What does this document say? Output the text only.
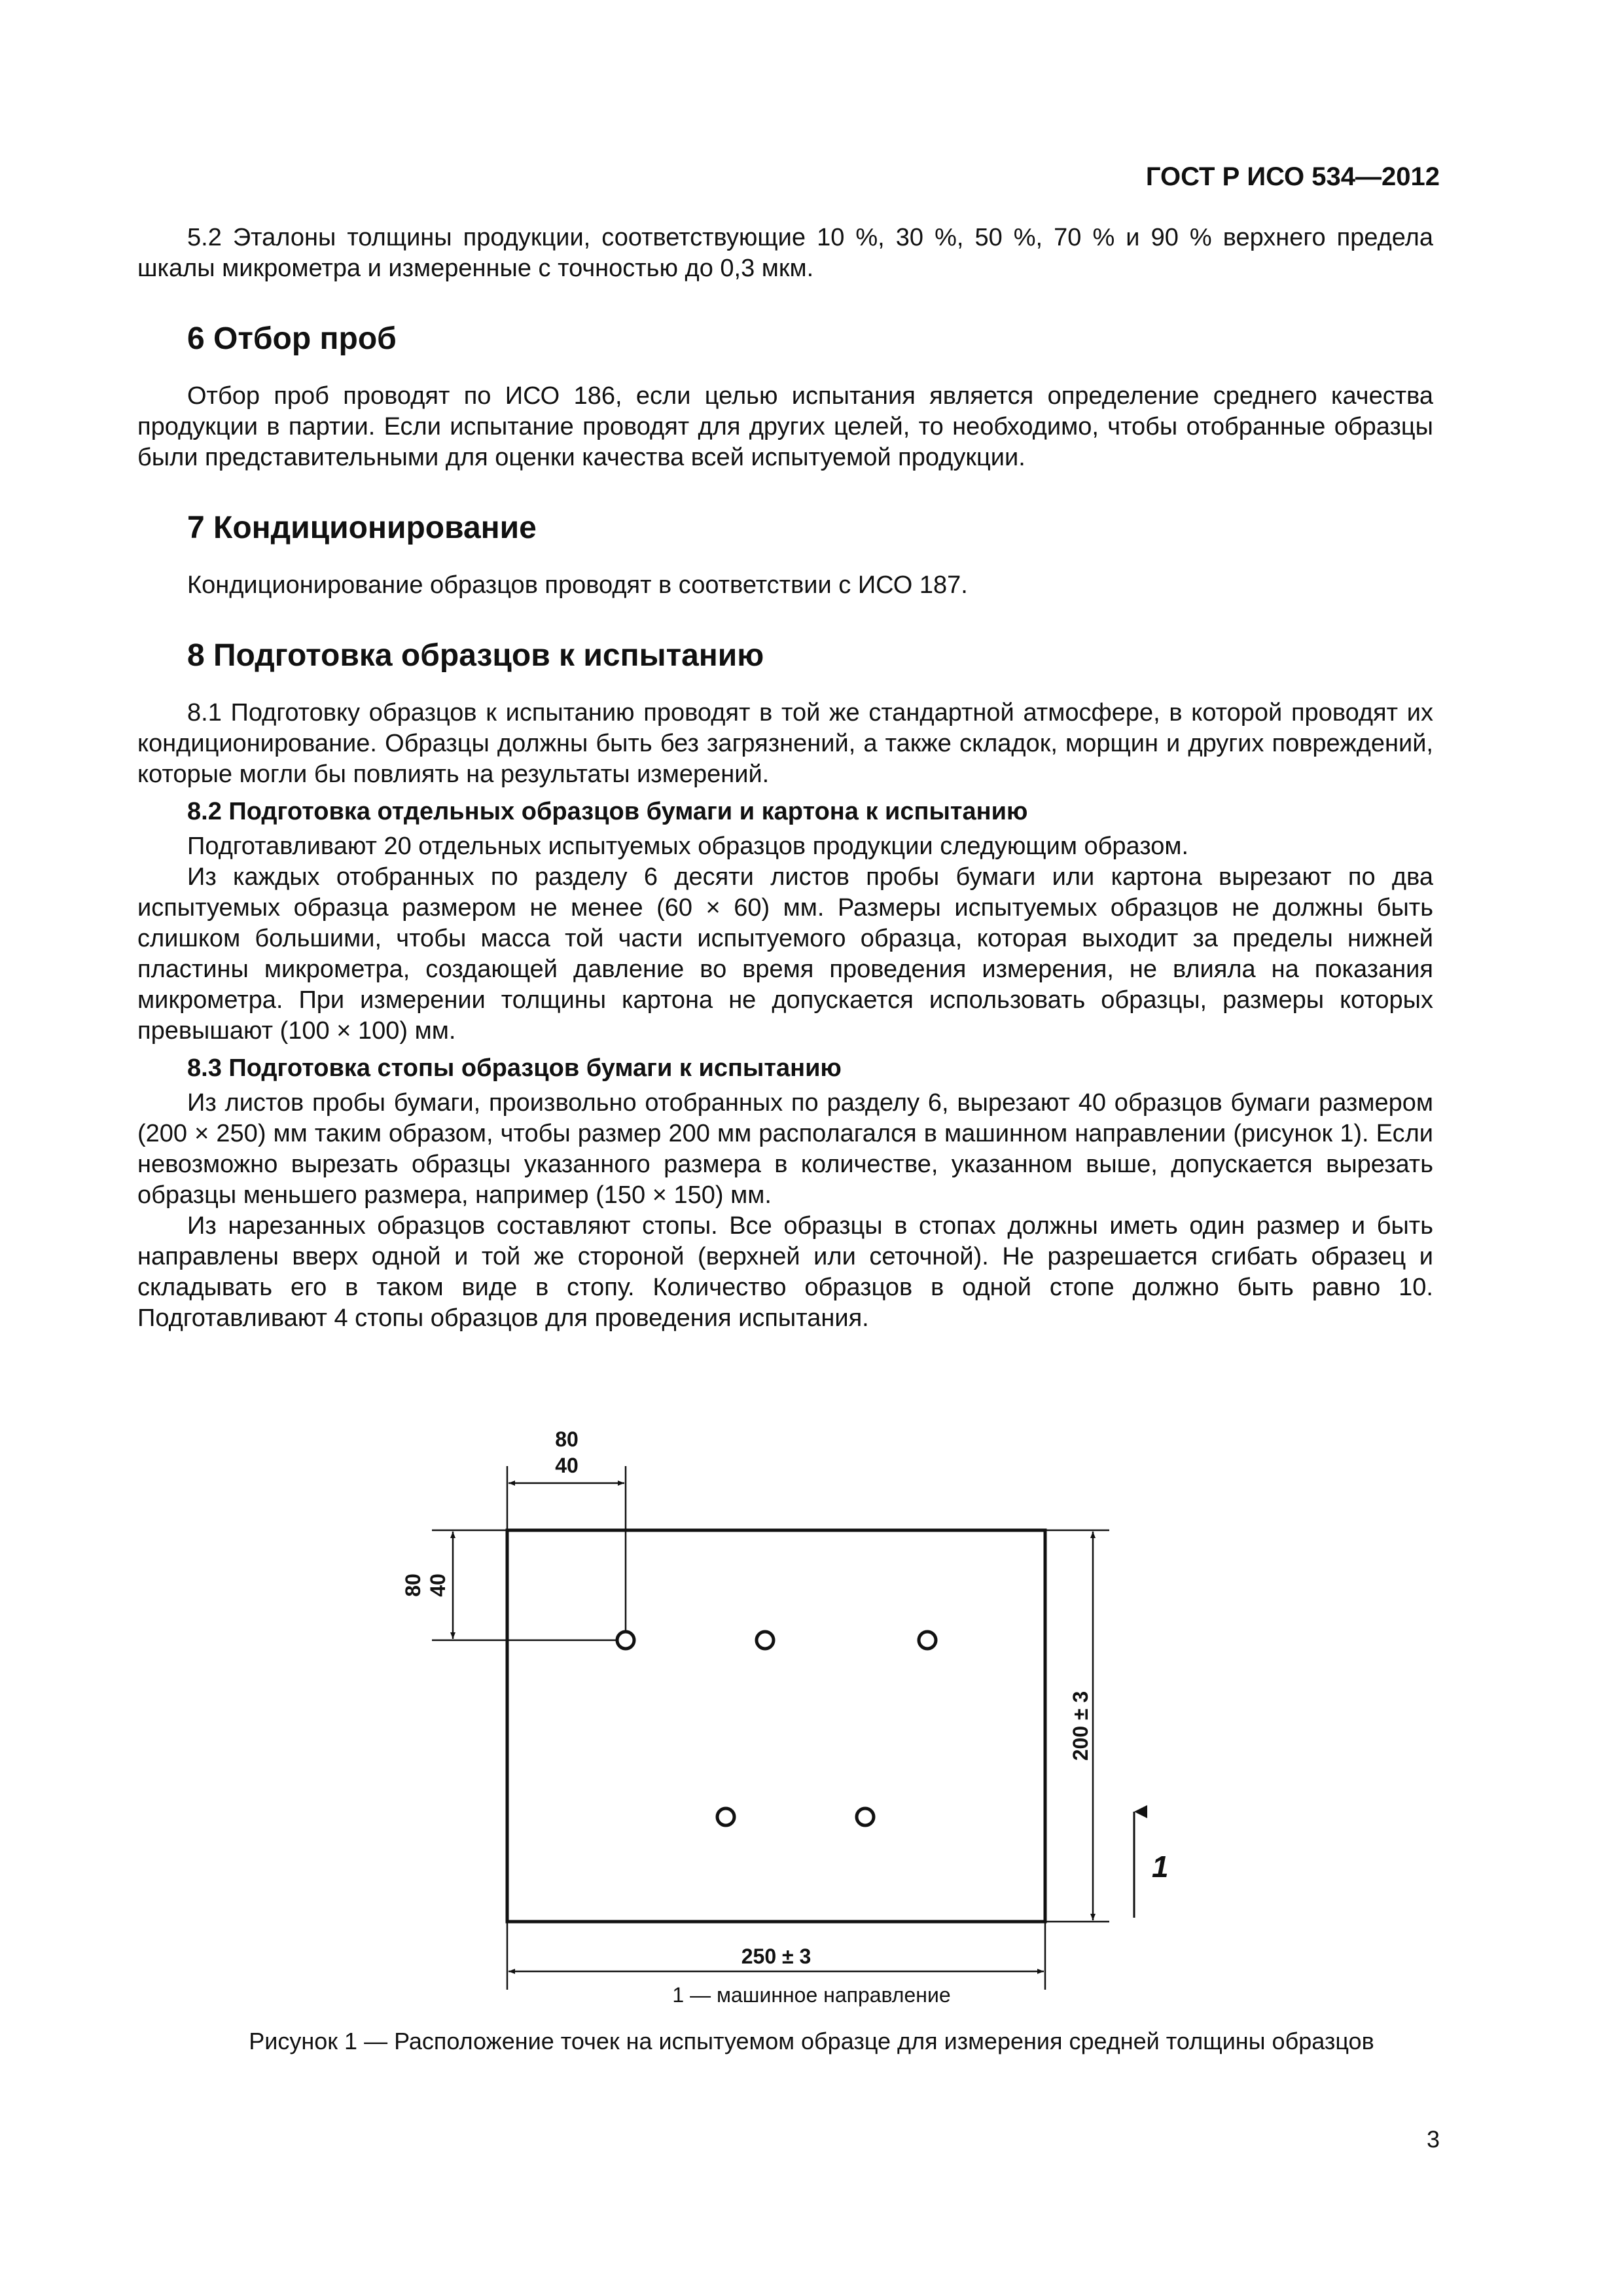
ГОСТ Р ИСО 534—2012

5.2 Эталоны толщины продукции, соответствующие 10 %, 30 %, 50 %, 70 % и 90 % верхнего предела шкалы микрометра и измеренные с точностью до 0,3 мкм.

6 Отбор проб

Отбор проб проводят по ИСО 186, если целью испытания является определение среднего качества продукции в партии. Если испытание проводят для других целей, то необходимо, чтобы отобранные образцы были представительными для оценки качества всей испытуемой продукции.

7 Кондиционирование

Кондиционирование образцов проводят в соответствии с ИСО 187.

8 Подготовка образцов к испытанию

8.1 Подготовку образцов к испытанию проводят в той же стандартной атмосфере, в которой проводят их кондиционирование. Образцы должны быть без загрязнений, а также складок, морщин и других повреждений, которые могли бы повлиять на результаты измерений.

8.2 Подготовка отдельных образцов бумаги и картона к испытанию

Подготавливают 20 отдельных испытуемых образцов продукции следующим образом.

Из каждых отобранных по разделу 6 десяти листов пробы бумаги или картона вырезают по два испытуемых образца размером не менее (60 × 60) мм. Размеры испытуемых образцов не должны быть слишком большими, чтобы масса той части испытуемого образца, которая выходит за пределы нижней пластины микрометра, создающей давление во время проведения измерения, не влияла на показания микрометра. При измерении толщины картона не допускается использовать образцы, размеры которых превышают (100 × 100) мм.

8.3 Подготовка стопы образцов бумаги к испытанию

Из листов пробы бумаги, произвольно отобранных по разделу 6, вырезают 40 образцов бумаги размером (200 × 250) мм таким образом, чтобы размер 200 мм располагался в машинном направлении (рисунок 1). Если невозможно вырезать образцы указанного размера в количестве, указанном выше, допускается вырезать образцы меньшего размера, например (150 × 150) мм.

Из нарезанных образцов составляют стопы. Все образцы в стопах должны иметь один размер и быть направлены вверх одной и той же стороной (верхней или сеточной). Не разрешается сгибать образец и складывать его в таком виде в стопу. Количество образцов в одной стопе должно быть равно 10. Подготавливают 4 стопы образцов для проведения испытания.

80
40
80 40
200 ± 3
250 ± 3
1
1 — машинное направление
Рисунок 1 — Расположение точек на испытуемом образце для измерения средней толщины образцов
3
